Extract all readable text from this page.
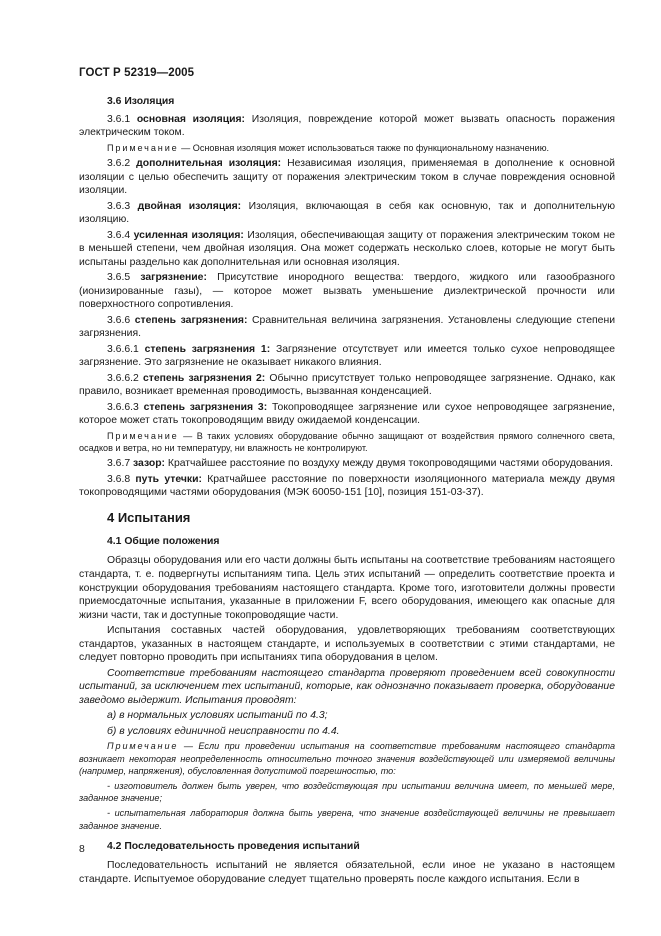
ГОСТ Р 52319—2005
3.6 Изоляция

3.6.1 основная изоляция: Изоляция, повреждение которой может вызвать опасность поражения электрическим током.

Примечание — Основная изоляция может использоваться также по функциональному назначению.

3.6.2 дополнительная изоляция: Независимая изоляция, применяемая в дополнение к основной изоляции с целью обеспечить защиту от поражения электрическим током в случае повреждения основной изоляции.

3.6.3 двойная изоляция: Изоляция, включающая в себя как основную, так и дополнительную изоляцию.

3.6.4 усиленная изоляция: Изоляция, обеспечивающая защиту от поражения электрическим током не в меньшей степени, чем двойная изоляция. Она может содержать несколько слоев, которые не могут быть испытаны раздельно как дополнительная или основная изоляция.

3.6.5 загрязнение: Присутствие инородного вещества: твердого, жидкого или газообразного (ионизированные газы), — которое может вызвать уменьшение диэлектрической прочности или поверхностного сопротивления.

3.6.6 степень загрязнения: Сравнительная величина загрязнения. Установлены следующие степени загрязнения.

3.6.6.1 степень загрязнения 1: Загрязнение отсутствует или имеется только сухое непроводящее загрязнение. Это загрязнение не оказывает никакого влияния.

3.6.6.2 степень загрязнения 2: Обычно присутствует только непроводящее загрязнение. Однако, как правило, возникает временная проводимость, вызванная конденсацией.

3.6.6.3 степень загрязнения 3: Токопроводящее загрязнение или сухое непроводящее загрязнение, которое может стать токопроводящим ввиду ожидаемой конденсации.

Примечание — В таких условиях оборудование обычно защищают от воздействия прямого солнечного света, осадков и ветра, но ни температуру, ни влажность не контролируют.

3.6.7 зазор: Кратчайшее расстояние по воздуху между двумя токопроводящими частями оборудования.

3.6.8 путь утечки: Кратчайшее расстояние по поверхности изоляционного материала между двумя токопроводящими частями оборудования (МЭК 60050-151 [10], позиция 151-03-37).

4 Испытания
4.1 Общие положения

Образцы оборудования или его части должны быть испытаны на соответствие требованиям настоящего стандарта, т. е. подвергнуты испытаниям типа. Цель этих испытаний — определить соответствие проекта и конструкции оборудования требованиям настоящего стандарта. Кроме того, изготовители должны провести приемосдаточные испытания, указанные в приложении F, всего оборудования, имеющего как опасные для жизни части, так и доступные токопроводящие части.

Испытания составных частей оборудования, удовлетворяющих требованиям соответствующих стандартов, указанных в настоящем стандарте, и используемых в соответствии с этими стандартами, не следует повторно проводить при испытаниях типа оборудования в целом.

Соответствие требованиям настоящего стандарта проверяют проведением всей совокупности испытаний, за исключением тех испытаний, которые, как однозначно показывает проверка, оборудование заведомо выдержит. Испытания проводят:

а) в нормальных условиях испытаний по 4.3;

б) в условиях единичной неисправности по 4.4.

Примечание — Если при проведении испытания на соответствие требованиям настоящего стандарта возникает некоторая неопределенность относительно точного значения воздействующей или измеряемой величины (например, напряжения), обусловленная допустимой погрешностью, то:

- изготовитель должен быть уверен, что воздействующая при испытании величина имеет, по меньшей мере, заданное значение;

- испытательная лаборатория должна быть уверена, что значение воздействующей величины не превышает заданное значение.

4.2 Последовательность проведения испытаний

Последовательность испытаний не является обязательной, если иное не указано в настоящем стандарте. Испытуемое оборудование следует тщательно проверять после каждого испытания. Если в

8
